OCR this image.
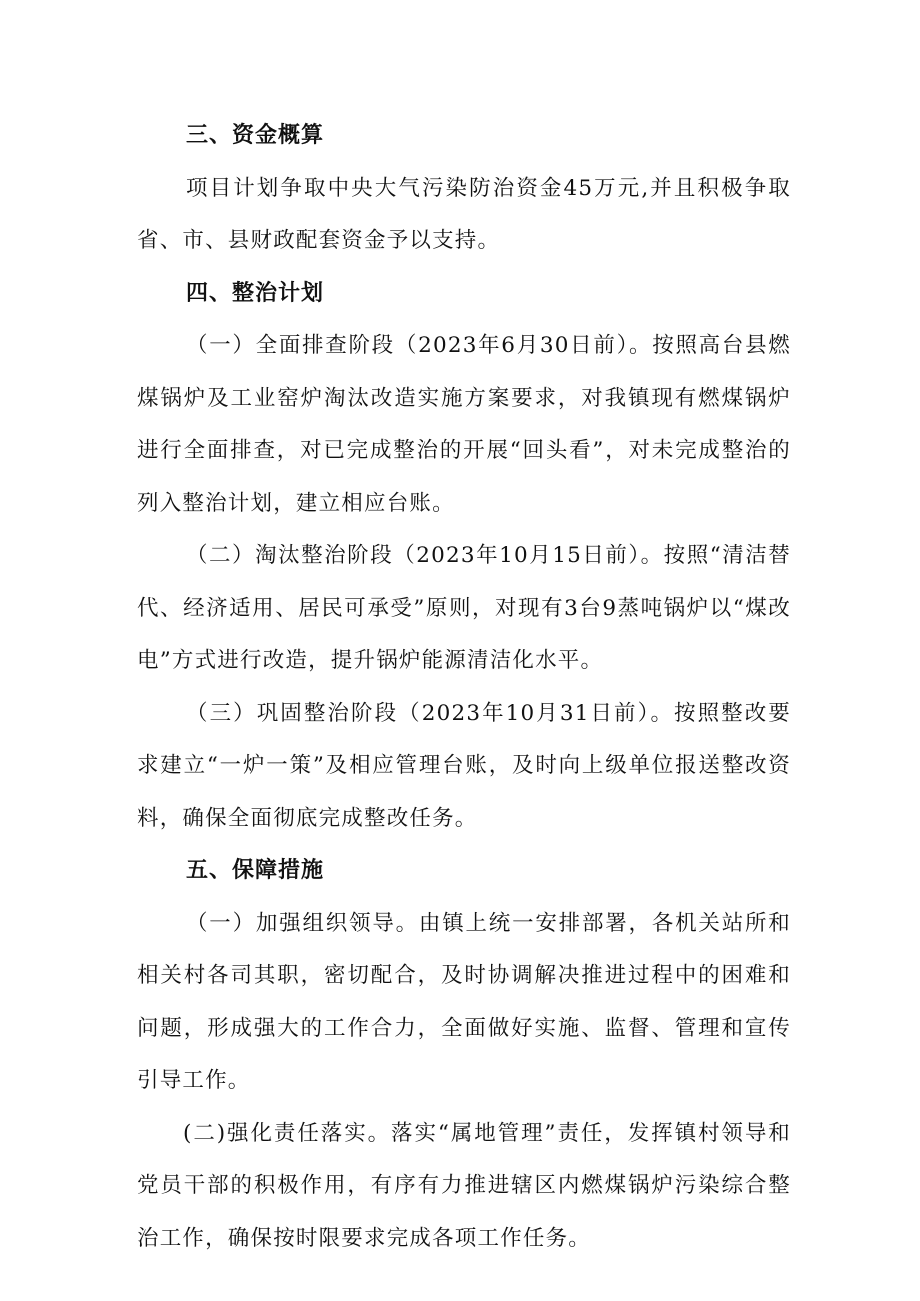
三、资金概算

项目计划争取中央大气污染防治资金45万元,并且积极争取省、市、县财政配套资金予以支持。

四、整治计划

（一）全面排查阶段（2023年6月30日前）。按照高台县燃煤锅炉及工业窑炉淘汰改造实施方案要求，对我镇现有燃煤锅炉进行全面排查，对已完成整治的开展“回头看”，对未完成整治的列入整治计划，建立相应台账。

（二）淘汰整治阶段（2023年10月15日前）。按照“清洁替代、经济适用、居民可承受”原则，对现有3台9蒸吨锅炉以“煤改电”方式进行改造，提升锅炉能源清洁化水平。

（三）巩固整治阶段（2023年10月31日前）。按照整改要求建立“一炉一策”及相应管理台账，及时向上级单位报送整改资料，确保全面彻底完成整改任务。

五、保障措施

（一）加强组织领导。由镇上统一安排部署，各机关站所和相关村各司其职，密切配合，及时协调解决推进过程中的困难和问题，形成强大的工作合力，全面做好实施、监督、管理和宣传引导工作。

(二)强化责任落实。落实“属地管理”责任，发挥镇村领导和党员干部的积极作用，有序有力推进辖区内燃煤锅炉污染综合整治工作，确保按时限要求完成各项工作任务。
